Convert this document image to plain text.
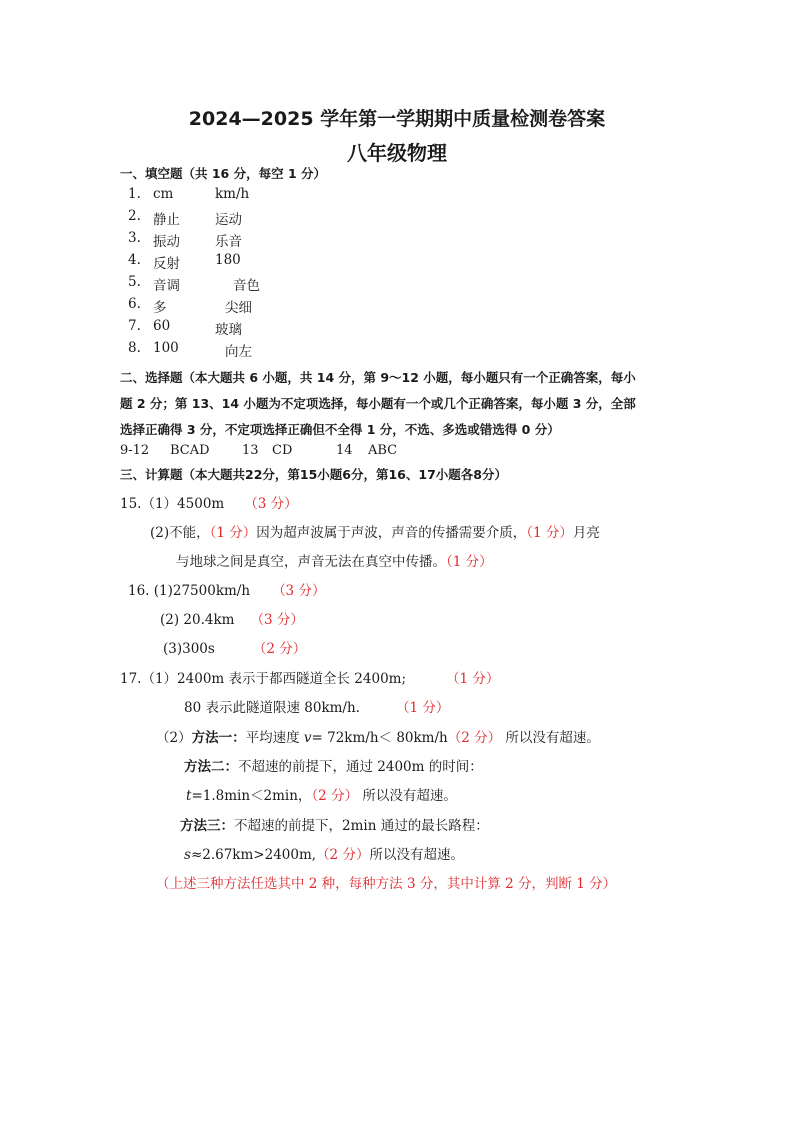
2024—2025 学年第一学期期中质量检测卷答案
八年级物理
一、填空题（共 16 分，每空 1 分）
1. cm	km/h
2. 静止	运动
3. 振动	乐音
4. 反射	180
5. 音调	音色
6. 多	尖细
7. 60	玻璃
8. 100	向左
二、选择题（本大题共 6 小题，共 14 分，第 9～12 小题，每小题只有一个正确答案，每小
题 2 分；第 13、14 小题为不定项选择，每小题有一个或几个正确答案，每小题 3 分，全部
选择正确得 3 分，不定项选择正确但不全得 1 分，不选、多选或错选得 0 分）
9-12 BCAD 13 CD	14 ABC
三、计算题（本大题共22分，第15小题6分，第16、17小题各8分）
15.（1）4500m （3 分）
(2)不能，（1 分）因为超声波属于声波，声音的传播需要介质，（1 分）月亮
与地球之间是真空，声音无法在真空中传播。（1 分）
16. (1)27500km/h （3 分）
(2) 20.4km （3 分）
(3)300s	（2 分）
17.（1）2400m 表示于都西隧道全长 2400m;	（1 分）
80 表示此隧道限速 80km/h.	（1 分）
（2）方法一：平均速度 v= 72km/h＜ 80km/h（2 分） 所以没有超速。
方法二：不超速的前提下，通过 2400m 的时间：
t=1.8min＜2min，（2 分） 所以没有超速。
方法三：不超速的前提下，2min 通过的最长路程：
s≈2.67km>2400m,（2 分）所以没有超速。
（上述三种方法任选其中 2 种，每种方法 3 分，其中计算 2 分，判断 1 分）
